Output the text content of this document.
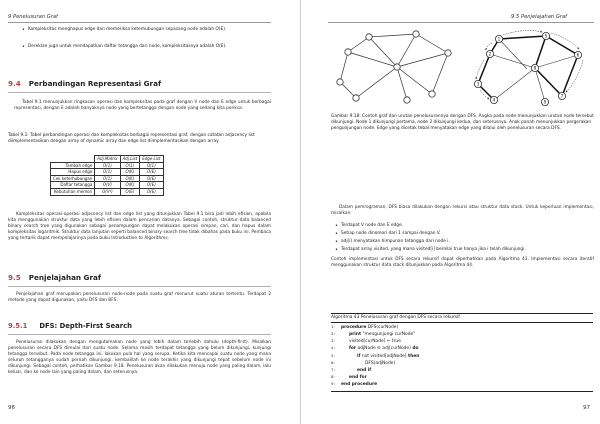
9 Penelusuran Graf
• Kompleksitas menghapus edge dan memeriksa keterhubungan sepasang node adalah O(E).
• Dereklan juga untuk mendapatkan daftar tetangga dari node, kompleksitasnya adalah O(E).
9.4 Perbandingan Representasi Graf
Tabel 9.1 menunjukkan ringkasan operasi dan kompleksitas pada graf dengan V node dan E edge untuk berbagai representasi, dengan E adalah banyaknya node yang bertetangga dengan node yang sedang kita periksa.
Tabel 9.1: Tabel perbandingan operasi dan kompleksitas berbagai representasi graf, dengan catatan adjacency list diimplementasikan dengan array of dynamic array dan edge list diimplementasikan dengan array.
	Adj.Matrix	Adj.List	Edge List
Tambah edge	O(1)	O(1)	O(1)
Hapus edge	O(1)	O(K)	O(E)
Cek keterhubungan	O(1)	O(K)	O(E)
Daftar tetangga	O(V)	O(K)	O(E)
Kebutuhan memori	O(V²)	O(E)	O(E)
Kompleksitas operasi-operasi adjacency list dan edge list yang ditunjukkan Tabel 9.1 bisa jadi lebih efisien, apabila kita menggunakan struktur data yang lebih efisien dalam pencarian datanya. Sebagai contoh, struktur data balanced binary search tree yang digunakan sebagai penampungan dapat melakukan operasi simpan, cari, dan hapus dalam kompleksitas logaritmik. Struktur data lanjutan seperti balanced binary search tree tidak dibahas pada buku ini. Pembaca yang tertarik dapat mempelajarinya pada buku Introduction to Algorithms.
9.5 Penjelajahan Graf
Penjelajahan graf merupakan penelusuran node-node pada suatu graf menurut suatu aturan tertentu. Terdapat 2 metode yang dapat digunakan, yaitu DFS dan BFS.
9.5.1 DFS: Depth-First Search
Penelusuran dilakukan dengan mengutamakan node yang lebih dalam terlebih dahulu (depth-first). Misalkan penelusuran secara DFS dimulai dari suatu node. Selama masih terdapat tetangga yang belum dikunjungi, kunjungi tetangga tersebut. Pada node tetangga ini, lakukan pula hal yang serupa. Ketika kita mencapai suatu node yang mana seluruh tetangganya sudah pernah dikunjungi, kembalilah ke node terakhir yang dikunjungi tepat sebelum node ini dikunjungi. Sebagai contoh, perhatikan Gambar 9.18. Penelusuran akan dilakukan menuju node yang paling dalam, lalu keluar, dan ke node lain yang paling dalam, dan seterusnya.
96
9.5 Penjelajahan Graf
1
2
3
4
5
6
7
8
9
Gambar 9.18: Contoh graf dan urutan penelusurannya dengan DFS. Angka pada node menunjukkan urutan node tersebut dikunjungi. Node 1 dikunjungi pertama, node 2 dikunjungi kedua, dan seterusnya. Anak panah menunjukkan pergerakan pengunjungan node. Edge yang dicetak tebal menyatakan edge yang dilalui oleh penelusuran secara DFS.
Dalam pemrograman, DFS biasa dilakukan dengan rekursi atau struktur data stack. Untuk keperluan implementasi, misalkan:
• Terdapat V node dan E edge.
• Setiap node dinomori dari 1 sampai dengan V.
• adj(i) menyatakan himpunan tetangga dari node i.
• Terdapat array visited, yang mana visited[i] bernilai true hanya jika i telah dikunjungi.
Contoh implementasi untuk DFS secara rekursif dapat diperhatikan pada Algoritma 43. Implementasi secara iteratif menggunakan struktur data stack ditunjukkan pada Algoritma 44.
Algoritma 43 Penelusuran graf dengan DFS secara rekursif.
1: procedure DFS(curNode)
2:	print "mengunjungi curNode"
3:	visited[curNode] ← true
4:	for adjNode ∈ adj(curNode) do
5:	if not visited[adjNode] then
6:	DFS(adjNode)
7:	end if
8:	end for
9: end procedure
97
